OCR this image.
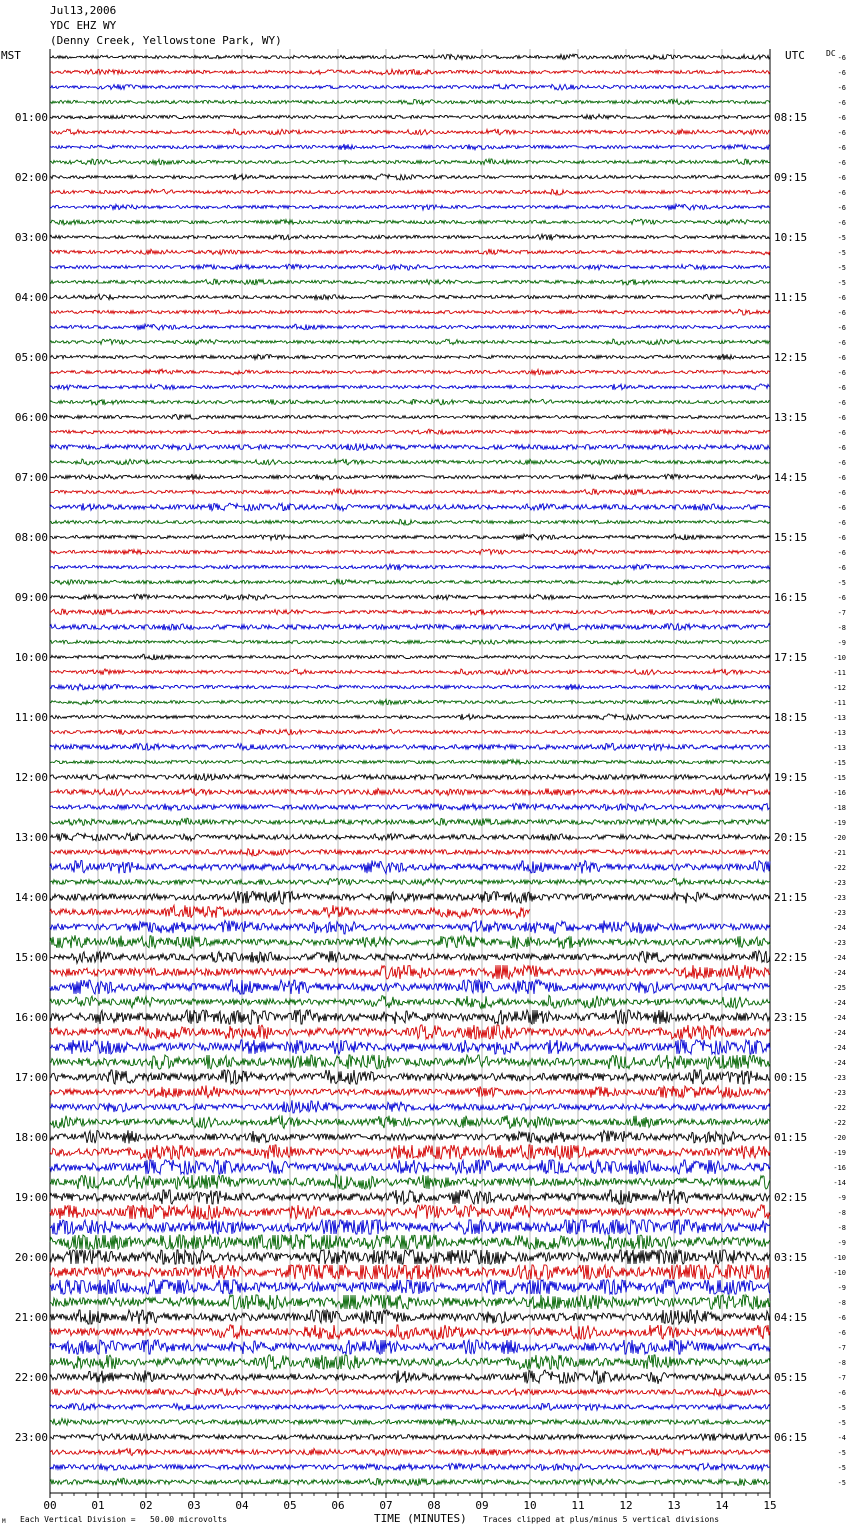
01:00
02:00
03:00
04:00
05:00
06:00
07:00
08:00
09:00
10:00
11:00
12:00
13:00
14:00
15:00
16:00
17:00
18:00
19:00
20:00
21:00
22:00
23:00
08:15
09:15
10:15
11:15
12:15
13:15
14:15
15:15
16:15
17:15
18:15
19:15
20:15
21:15
22:15
23:15
00:15
01:15
02:15
03:15
04:15
05:15
06:15
-6
-6
-6
-6
-6
-6
-6
-6
-6
-6
-6
-6
-5
-5
-5
-5
-6
-6
-6
-6
-6
-6
-6
-6
-6
-6
-6
-6
-6
-6
-6
-6
-6
-6
-6
-5
-6
-7
-8
-9
-10
-11
-12
-11
-13
-13
-13
-15
-15
-16
-18
-19
-20
-21
-22
-23
-23
-23
-24
-23
-24
-24
-25
-24
-24
-24
-24
-24
-23
-23
-22
-22
-20
-19
-16
-14
-9
-8
-8
-9
-10
-10
-9
-8
-6
-6
-7
-8
-7
-6
-5
-5
-4
-5
-5
-5
00	01	02	03	04	05	06	07	08	09	10	11	12	13	14	15
Jul13,2006
YDC EHZ WY
(Denny Creek, Yellowstone Park, WY)
MST	UTC	DC
M Each Vertical Division =   50.00 microvolts	TIME (MINUTES) Traces clipped at plus/minus 5 vertical divisions
